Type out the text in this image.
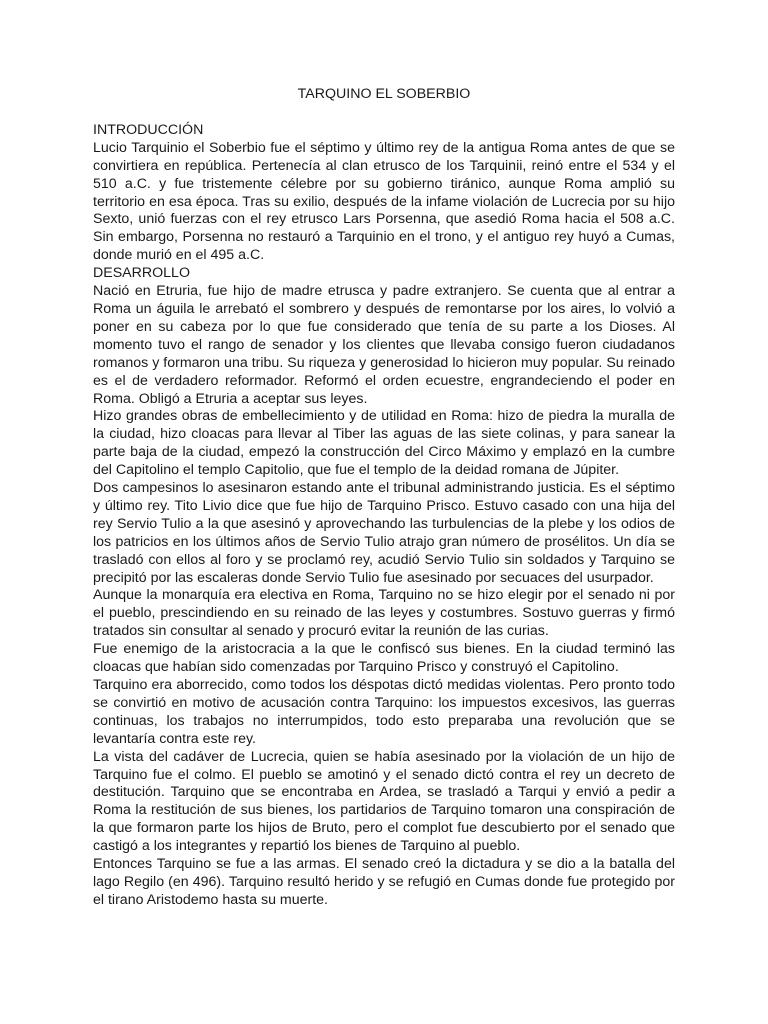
TARQUINO EL SOBERBIO
INTRODUCCIÓN

Lucio Tarquinio el Soberbio fue el séptimo y último rey de la antigua Roma antes de que se convirtiera en república. Pertenecía al clan etrusco de los Tarquinii, reinó entre el 534 y el 510 a.C. y fue tristemente célebre por su gobierno tiránico, aunque Roma amplió su territorio en esa época. Tras su exilio, después de la infame violación de Lucrecia por su hijo Sexto, unió fuerzas con el rey etrusco Lars Porsenna, que asedió Roma hacia el 508 a.C. Sin embargo, Porsenna no restauró a Tarquinio en el trono, y el antiguo rey huyó a Cumas, donde murió en el 495 a.C.

DESARROLLO

Nació en Etruria, fue hijo de madre etrusca y padre extranjero. Se cuenta que al entrar a Roma un águila le arrebató el sombrero y después de remontarse por los aires, lo volvió a poner en su cabeza por lo que fue considerado que tenía de su parte a los Dioses. Al momento tuvo el rango de senador y los clientes que llevaba consigo fueron ciudadanos romanos y formaron una tribu. Su riqueza y generosidad lo hicieron muy popular. Su reinado es el de verdadero reformador. Reformó el orden ecuestre, engrandeciendo el poder en Roma. Obligó a Etruria a aceptar sus leyes.

Hizo grandes obras de embellecimiento y de utilidad en Roma: hizo de piedra la muralla de la ciudad, hizo cloacas para llevar al Tiber las aguas de las siete colinas, y para sanear la parte baja de la ciudad, empezó la construcción del Circo Máximo y emplazó en la cumbre del Capitolino el templo Capitolio, que fue el templo de la deidad romana de Júpiter.

Dos campesinos lo asesinaron estando ante el tribunal administrando justicia. Es el séptimo y último rey. Tito Livio dice que fue hijo de Tarquino Prisco. Estuvo casado con una hija del rey Servio Tulio a la que asesinó y aprovechando las turbulencias de la plebe y los odios de los patricios en los últimos años de Servio Tulio atrajo gran número de prosélitos. Un día se trasladó con ellos al foro y se proclamó rey, acudió Servio Tulio sin soldados y Tarquino se precipitó por las escaleras donde Servio Tulio fue asesinado por secuaces del usurpador.

Aunque la monarquía era electiva en Roma, Tarquino no se hizo elegir por el senado ni por el pueblo, prescindiendo en su reinado de las leyes y costumbres. Sostuvo guerras y firmó tratados sin consultar al senado y procuró evitar la reunión de las curias.

Fue enemigo de la aristocracia a la que le confiscó sus bienes. En la ciudad terminó las cloacas que habían sido comenzadas por Tarquino Prisco y construyó el Capitolino.

Tarquino era aborrecido, como todos los déspotas dictó medidas violentas. Pero pronto todo se convirtió en motivo de acusación contra Tarquino: los impuestos excesivos, las guerras continuas, los trabajos no interrumpidos, todo esto preparaba una revolución que se levantaría contra este rey.

La vista del cadáver de Lucrecia, quien se había asesinado por la violación de un hijo de Tarquino fue el colmo. El pueblo se amotinó y el senado dictó contra el rey un decreto de destitución. Tarquino que se encontraba en Ardea, se trasladó a Tarqui y envió a pedir a Roma la restitución de sus bienes, los partidarios de Tarquino tomaron una conspiración de la que formaron parte los hijos de Bruto, pero el complot fue descubierto por el senado que castigó a los integrantes y repartió los bienes de Tarquino al pueblo.

Entonces Tarquino se fue a las armas. El senado creó la dictadura y se dio a la batalla del lago Regilo (en 496). Tarquino resultó herido y se refugió en Cumas donde fue protegido por el tirano Aristodemo hasta su muerte.
